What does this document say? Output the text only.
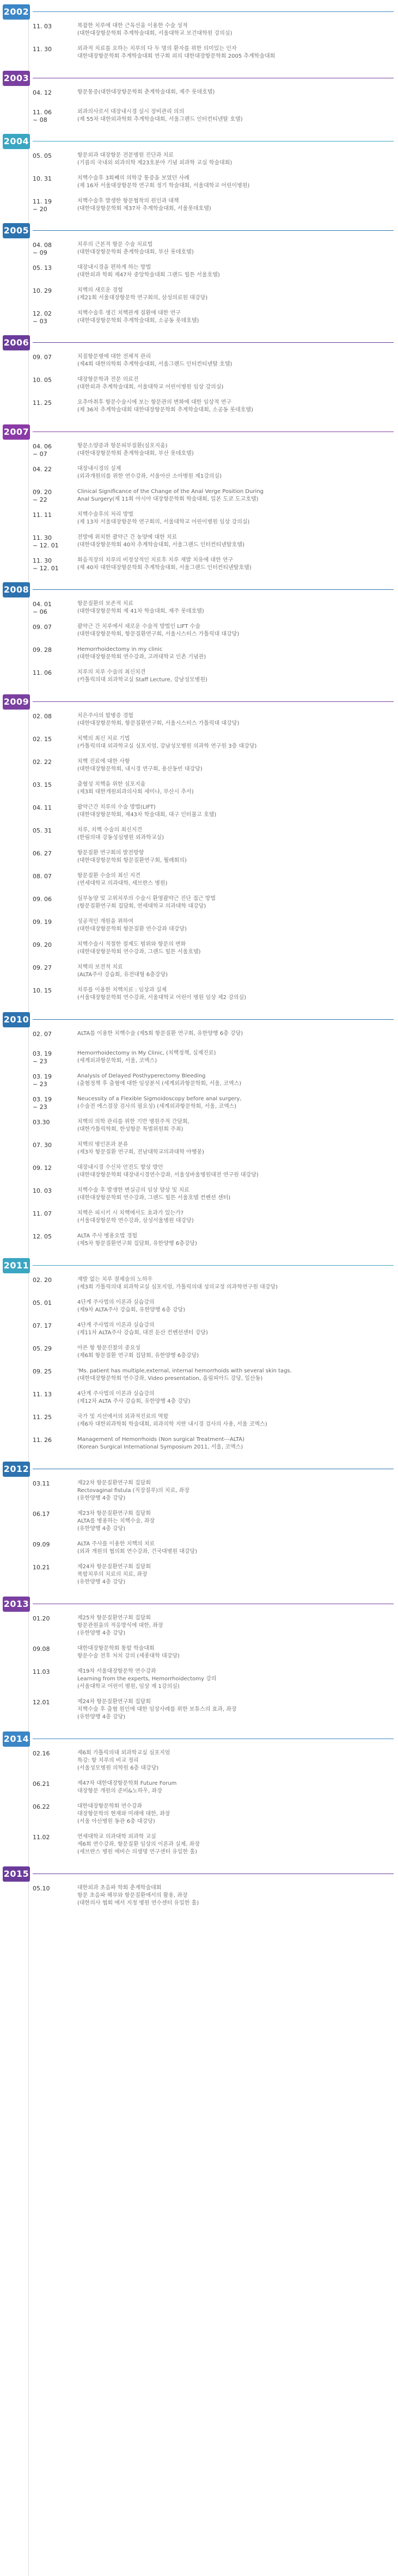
2002
11. 03	복잡한 치루에 대한 근육선을 이용한 수술 성적

(대한대장항문학회 추계학술대회, 서울대학교 보건대학원 강의실)

11. 30	외과적 치료를 요하는 치루의 다 두 명의 환자를 위한 의미있는 인자

대한대장항문학회 추계학술대회 연구회 외의 대한대장항문학회 2005 추계학술대회

2003
04. 12	항문통증(대한대장항문학회 춘계학술대회, 제주 롯데호텔)

11. 06
~ 08

외과의사로서 대장내시경 실시 장비관리 의의

(제 55차 대한외과학회 추계학술대회, 서울그랜드 인터컨티넨탈 호텔)

2004
05. 05	항문외과 대장항문 전문병원 진단과 치료

(기름의 국내외 외과의학 제23호분야 기념 외과학 교실 학술대회)

10. 31	치핵수술후 3회째의 의학강 통증을 보였던 사례

(제 16차 서울대장항문학 연구회 정기 학술대회, 서울대학교 어린이병원)

11. 19
~ 20

치핵수술후 발생한 항문협착의 원인과 대책

(대한대장항문학회 제37차 추계학술대회, 서울롯데호텔)

2005
04. 08
~ 09

치루의 근본적 항문 수술 치료법

(대한대장항문학회 춘계학술대회, 부산 롯데호텔)

05. 13	대장내시경을 편하게 하는 방법

(대한외과 학회 제47차 중앙학술대회 그랜드 힐튼 서울호텔)

10. 29	치핵의 새로운 경험

(제21회 서울대장항문학 연구회의, 삼성의료원 대강당)

12. 02
~ 03

치핵수술후 생긴 치핵관계 질환에 대한 연구

(대한대장항문학회 추계학술대회, 소공동 롯데호텔)

2006
09. 07	치질항문병에 대한 전체적 관리

(제4회 대한의학회 추계학술대회, 서울그랜드 인터컨티넨탈 호텔)

10. 05	대장항문학과 전문 의료진

(대한외과 추계학술대회, 서울대학교 어린이병원 임상 강의실)

11. 25	요추마취후 항문수술시에 보는 항문관의 변화에 대한 임상적 연구

(제 36차 추계학술대회 대한대장항문학회 추계학술대회, 소공동 롯데호텔)

2007
04. 06
~ 07

항문소양증과 항문피부질환(심포지움)

(대한대장항문학회 춘계학술대회, 부산 롯데호텔)

04. 22	대장내시경의 실제

(외과개원의를 위한 연수강좌, 서울아산 소아병원 제1강의실)

09. 20
~ 22

Clinical Significance of the Change of the Anal Verge Position During

Anal Surgery(제 11회 아시아 대장항문학회 학술대회, 일본 도쿄 도고호텔)

11. 11	치핵수술후의 처리 방법

(제 13차 서울대장항문학 연구회의, 서울대학교 어린이병원 임상 강의실)

11. 30
~ 12. 01

전방에 위치한 괄약근 간 농양에 대한 치료

(대한대장항문학회 40차 추계학술대회, 서울그랜드 인터컨티넨탈호텔)

11. 30
~ 12. 01

회음직장의 치루의 비정상적인 치료후 치루 재발 치유에 대한 연구

(제 40차 대한대장항문학회 추계학술대회, 서울그랜드 인터컨티넨탈호텔)

2008
04. 01
~ 06

항문질환의 보존적 치료

(대한대장항문학회 제 41차 학술대회, 제주 롯데호텔)

09. 07	괄약근 간 치루에서 새로운 수술적 방법인 LIFT 수술

(대한대장항문학회, 항문질환연구회, 서울시스터스 가톨릭대 대강당)

09. 28	Hemorrhoidectomy in my clinic

(대한대장항문학회 연수강좌, 고려대학교 인촌 기념관)

11. 06	치루의 치루 수술의 최신치견

(카톨릭의대 외과학교실 Staff Lecture, 강남성모병원)

2009
02. 08	치은주사의 합병증 경험

(대한대장항문학회, 항문질환연구회, 서울시스터스 가톨릭대 대강당)

02. 15	치핵의 최신 치료 기법

(카톨릭의대 외과학교실 심포지엄, 강남성모병원 의과학 연구원 3층 대강당)

02. 22	치핵 진료에 대한 사항

(대한대장항문학회, 내시경 연구회, 용산동빈 대강당)

03. 15	출혈성 치핵을 위한 심포지움

(제3회 대한개원외과의사회 세미나, 부산시 추서)

04. 11	괄약근간 치루의 수술 방법(LIFT)

(대한대장항문학회, 제43차 학술대회, 대구 인터불고 호텔)

05. 31	치루, 치핵 수술의 최신지견

(한림의대 강동성심병원 외과학교실)

06. 27	항문질환 연구회의 발전방향

(대한대장항문학회 항문질환연구회, 월례회의)

08. 07	항문질환 수술의 최신 지견

(연세대학교 의과대학, 세브란스 병원)

09. 06	심부농양 및 고위치루의 수술시 환영괄약근 진단 접근 방법

(항문질환연구회 집담회, 연세대학교 의과대학 대강당)

09. 19	성공적인 개원을 위하여

(대한대장항문학회 항문질환 연수강좌 대강당)

09. 20	치핵수술시 적절한 절제도 범위와 항문의 변화

(대한대장항문학회 연수강좌, 그랜드 힐튼 서울호텔)

09. 27	치핵의 보전적 치료

(ALTA주사 강습회, 유전대형 6층강당)

10. 15	치루를 이용한 치핵치료 : 임상과 실제

(서울대장항문학회 연수강좌, 서울대학교 어린이 병원 임상 제2 강의실)

2010
02. 07	ALTA를 이용한 치핵수술 (제5회 항문질환 연구회, 유한양행 6층 강당)

03. 19
~ 23

Hemorrhoidectomy in My Clinic, (치핵정책, 실제진료)

(세계외과항문학회, 서울, 코엑스)

03. 19
~ 23

Analysis of Delayed Posthyperectomy Bleeding

(출혈정책 후 출혈에 대한 임상분석 (세계외과항문학회, 서울, 코엑스)

03. 19
~ 23

Neucessity of a Flexible Sigmoidoscopy before anal surgery,

(수술전 에스결장 검사의 필요성) (세계외과항문학회, 서울, 코엑스)

03.30	치핵의 의학 관리를 위한 기반 병원주적 간담회,

(대한가톨릭학회, 한성항문 특별위원회 주최)

07. 30	치핵의 병인론과 분류

(제3차 항문질환 연구회, 전남대학교의과대학 야행봉)

09. 12	대장내시경 수신차 안전도 향상 방안

(대한대장항문학회 대장내시경연수강좌, 서울성바울병원대전 연구원 대강당)

10. 03	치핵수술 후 발생한 변실금의 임상 양상 및 치료

(대한대장항문학회 연수강좌, 그랜드 힐튼 서울호텔 컨벤션 센터)

11. 07	치핵은 피시키 시 치핵에서도 효과가 있는가?

(서울대장항문학 연수강좌, 삼성서울병원 대강당)

12. 05	ALTA 주사 병용요법 경험

(제5차 항문질환연구회 집담회, 유한양행 6층강당)

2011
02. 20	재발 없는 치루 절제술의 노하우

(제3회 가톨릭의대 외과학교실 심포지엄, 가톨릭의대 성의교정 의과학연구원 대강당)

05. 01	4단계 주사법의 이론과 실습강의

(제9차 ALTA주사 강습회, 유한양행 6층 강당)

07. 17	4단계 주사법의 이론과 실습강의

(제11차 ALTA주사 강습회, 대전 둔산 컨벤션센터 강당)

05. 29	아픈 항 항문진찰의 중요성

(제6회 항문질환 연구회 집담회, 유한양행 6층강당)

09. 25	'Ms. patient has multiple,external, internal hemorrhoids with several skin tags.

(대한대장항문학회 연수강좌, Video presentation, 올림피아드 강당, 일산동)

11. 13	4단계 주사법의 이론과 실습강의

(제12차 ALTA 주사 강습회, 유한양행 4층 강당)

11. 25	국가 및 지선에서의 외과적진료의 역할

(제6차 대한외과학회 학술대회, 외과의학 지란 내시경 검사의 사용, 서울 코엑스)

11. 26	Management of Hemorrhoids (Non surgical Treatment---ALTA)

(Korean Surgical International Symposium 2011, 서울, 코엑스)

2012
03.11	제22차 항문질환연구회 집담회

Rectovaginal fistula (직장질루)의 치료, 좌장

(유한양행 4층 강당)

06.17	제23차 항문질환연구회 집담회

ALTA를 병용하는 치핵수술, 좌장

(유한양행 4층 강당)

09.09	ALTA 주사를 이용한 치핵의 치료

(외과 개원의 협의회 연수강좌, 건국대병원 대강당)

10.21	제24차 항문질환연구회 집담회

복합치루의 치료의 치료, 좌장

(유한양행 4층 강당)

2013
01.20	제25차 항문질환연구회 집담회

항문관원을의 적응방식에 대한, 좌장

(유한양행 4층 강당)

09.08	대한대장항문학회 통합 학술대회

항문수술 전후 처치 강의 (세종대학 대강당)

11.03	제19차 서울대장항문학 연수강좌

Learning from the experts, Hemorrhoidectomy 강의

(서울대학교 어린이 병원, 임상 제 1강의실)

12.01	제24차 항문질환연구회 집담회

치핵수술 후 출혈 원인에 대한 임상사례를 위한 보튜스의 효과, 좌장

(유한양행 4층 강당)

2014
02.16	제6회 가톨릭의대 외과학교실 심포지엄

특강: 항 치루의 비교 정리

(서울성모병원 의학원 6층 대강당)

06.21	제47차 대한대장항문학회 Future Forum

대장항문 개원의 준비&노하우, 좌장

06.22	대한대장항문학회 연수강좌

대장항문학의 현재와 미래에 대한, 좌장

(서울 아산병원 동관 6층 대강당)

11.02	연세대학교 의과대학 외과학 교실

제6회 연수강좌, 항문질환 임상의 이론과 실제, 좌장

(세브란스 병원 에비슨 의생명 연구센터 유일한 홀)

2015
05.10	대한외과 초음파 학회 춘계학술대회

항문 초음파 해부와 항문질환에서의 활용, 좌장

(대한의사 협회 에서 지정 병원 연수센터 유일한 홀)
